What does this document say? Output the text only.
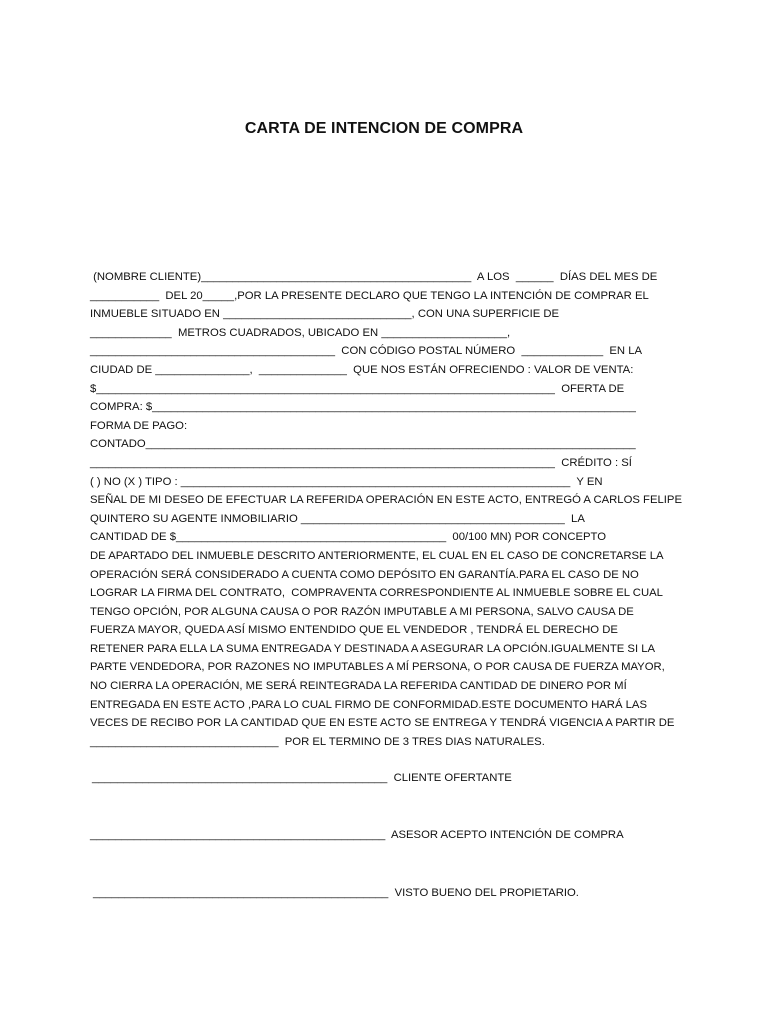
CARTA DE INTENCION DE COMPRA
(NOMBRE CLIENTE)___________________________________________  A LOS  ______  DÍAS DEL MES DE
___________  DEL 20_____,POR LA PRESENTE DECLARO QUE TENGO LA INTENCIÓN DE COMPRAR EL
INMUEBLE SITUADO EN ______________________________, CON UNA SUPERFICIE DE
_____________  METROS CUADRADOS, UBICADO EN ____________________,
_______________________________________  CON CÓDIGO POSTAL NÚMERO  _____________  EN LA
CIUDAD DE _______________,  ______________  QUE NOS ESTÁN OFRECIENDO : VALOR DE VENTA:
$_________________________________________________________________________  OFERTA DE
COMPRA: $_____________________________________________________________________________
FORMA DE PAGO:
CONTADO______________________________________________________________________________
__________________________________________________________________________  CRÉDITO : SÍ
( ) NO (X ) TIPO : ______________________________________________________________  Y EN
SEÑAL DE MI DESEO DE EFECTUAR LA REFERIDA OPERACIÓN EN ESTE ACTO, ENTREGÓ A CARLOS FELIPE
QUINTERO SU AGENTE INMOBILIARIO __________________________________________  LA
CANTIDAD DE $___________________________________________  00/100 MN) POR CONCEPTO
DE APARTADO DEL INMUEBLE DESCRITO ANTERIORMENTE, EL CUAL EN EL CASO DE CONCRETARSE LA
OPERACIÓN SERÁ CONSIDERADO A CUENTA COMO DEPÓSITO EN GARANTÍA.PARA EL CASO DE NO
LOGRAR LA FIRMA DEL CONTRATO,  COMPRAVENTA CORRESPONDIENTE AL INMUEBLE SOBRE EL CUAL
TENGO OPCIÓN, POR ALGUNA CAUSA O POR RAZÓN IMPUTABLE A MI PERSONA, SALVO CAUSA DE
FUERZA MAYOR, QUEDA ASÍ MISMO ENTENDIDO QUE EL VENDEDOR , TENDRÁ EL DERECHO DE
RETENER PARA ELLA LA SUMA ENTREGADA Y DESTINADA A ASEGURAR LA OPCIÓN.IGUALMENTE SI LA
PARTE VENDEDORA, POR RAZONES NO IMPUTABLES A MÍ PERSONA, O POR CAUSA DE FUERZA MAYOR,
NO CIERRA LA OPERACIÓN, ME SERÁ REINTEGRADA LA REFERIDA CANTIDAD DE DINERO POR MÍ
ENTREGADA EN ESTE ACTO ,PARA LO CUAL FIRMO DE CONFORMIDAD.ESTE DOCUMENTO HARÁ LAS
VECES DE RECIBO POR LA CANTIDAD QUE EN ESTE ACTO SE ENTREGA Y TENDRÁ VIGENCIA A PARTIR DE
______________________________  POR EL TERMINO DE 3 TRES DIAS NATURALES.
_______________________________________________  CLIENTE OFERTANTE
_______________________________________________  ASESOR ACEPTO INTENCIÓN DE COMPRA
_______________________________________________  VISTO BUENO DEL PROPIETARIO.
